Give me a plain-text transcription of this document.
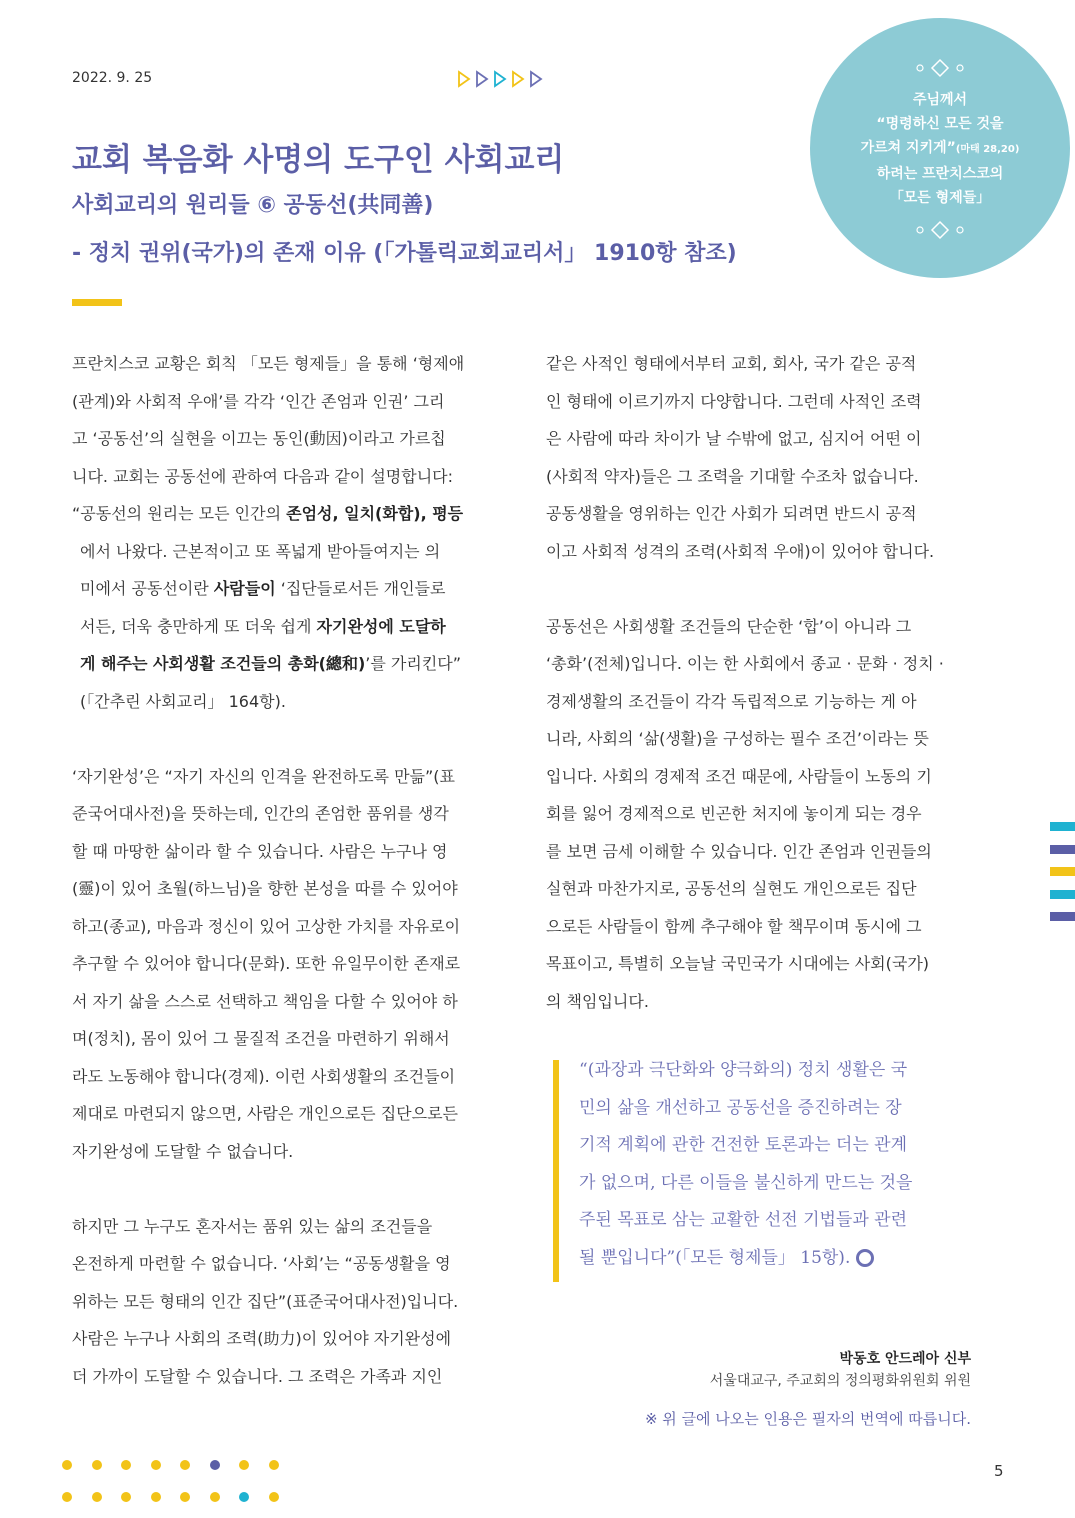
2022. 9. 25
교회 복음화 사명의 도구인 사회교리
사회교리의 원리들 ⑥ 공동선(共同善)
- 정치 권위(국가)의 존재 이유 (「가톨릭교회교리서」 1910항 참조)
주님께서
“명령하신 모든 것을
가르쳐 지키게”(마태 28,20)
하려는 프란치스코의
「모든 형제들」

프란치스코 교황은 회칙 「모든 형제들」을 통해 ‘형제애

(관계)와 사회적 우애’를 각각 ‘인간 존엄과 인권’ 그리

고 ‘공동선’의 실현을 이끄는 동인(動因)이라고 가르칩

니다. 교회는 공동선에 관하여 다음과 같이 설명합니다:

“공동선의 원리는 모든 인간의 존엄성, 일치(화합), 평등

에서 나왔다. 근본적이고 또 폭넓게 받아들여지는 의

미에서 공동선이란 사람들이 ‘집단들로서든 개인들로

서든, 더욱 충만하게 또 더욱 쉽게 자기완성에 도달하

게 해주는 사회생활 조건들의 총화(總和)’를 가리킨다”

(「간추린 사회교리」 164항).

‘자기완성’은 “자기 자신의 인격을 완전하도록 만듦”(표

준국어대사전)을 뜻하는데, 인간의 존엄한 품위를 생각

할 때 마땅한 삶이라 할 수 있습니다. 사람은 누구나 영

(靈)이 있어 초월(하느님)을 향한 본성을 따를 수 있어야

하고(종교), 마음과 정신이 있어 고상한 가치를 자유로이

추구할 수 있어야 합니다(문화). 또한 유일무이한 존재로

서 자기 삶을 스스로 선택하고 책임을 다할 수 있어야 하

며(정치), 몸이 있어 그 물질적 조건을 마련하기 위해서

라도 노동해야 합니다(경제). 이런 사회생활의 조건들이

제대로 마련되지 않으면, 사람은 개인으로든 집단으로든

자기완성에 도달할 수 없습니다.

하지만 그 누구도 혼자서는 품위 있는 삶의 조건들을

온전하게 마련할 수 없습니다. ‘사회’는 “공동생활을 영

위하는 모든 형태의 인간 집단”(표준국어대사전)입니다.

사람은 누구나 사회의 조력(助力)이 있어야 자기완성에

더 가까이 도달할 수 있습니다. 그 조력은 가족과 지인

같은 사적인 형태에서부터 교회, 회사, 국가 같은 공적

인 형태에 이르기까지 다양합니다. 그런데 사적인 조력

은 사람에 따라 차이가 날 수밖에 없고, 심지어 어떤 이

(사회적 약자)들은 그 조력을 기대할 수조차 없습니다.

공동생활을 영위하는 인간 사회가 되려면 반드시 공적

이고 사회적 성격의 조력(사회적 우애)이 있어야 합니다.

공동선은 사회생활 조건들의 단순한 ‘합’이 아니라 그

‘총화’(전체)입니다. 이는 한 사회에서 종교 · 문화 · 정치 ·

경제생활의 조건들이 각각 독립적으로 기능하는 게 아

니라, 사회의 ‘삶(생활)을 구성하는 필수 조건’이라는 뜻

입니다. 사회의 경제적 조건 때문에, 사람들이 노동의 기

회를 잃어 경제적으로 빈곤한 처지에 놓이게 되는 경우

를 보면 금세 이해할 수 있습니다. 인간 존엄과 인권들의

실현과 마찬가지로, 공동선의 실현도 개인으로든 집단

으로든 사람들이 함께 추구해야 할 책무이며 동시에 그

목표이고, 특별히 오늘날 국민국가 시대에는 사회(국가)

의 책임입니다.

“(과장과 극단화와 양극화의) 정치 생활은 국
민의 삶을 개선하고 공동선을 증진하려는 장
기적 계획에 관한 건전한 토론과는 더는 관계
가 없으며, 다른 이들을 불신하게 만드는 것을
주된 목표로 삼는 교활한 선전 기법들과 관련
될 뿐입니다”(「모든 형제들」 15항).
박동호 안드레아 신부
서울대교구, 주교회의 정의평화위원회 위원
※ 위 글에 나오는 인용은 필자의 번역에 따릅니다.
5
